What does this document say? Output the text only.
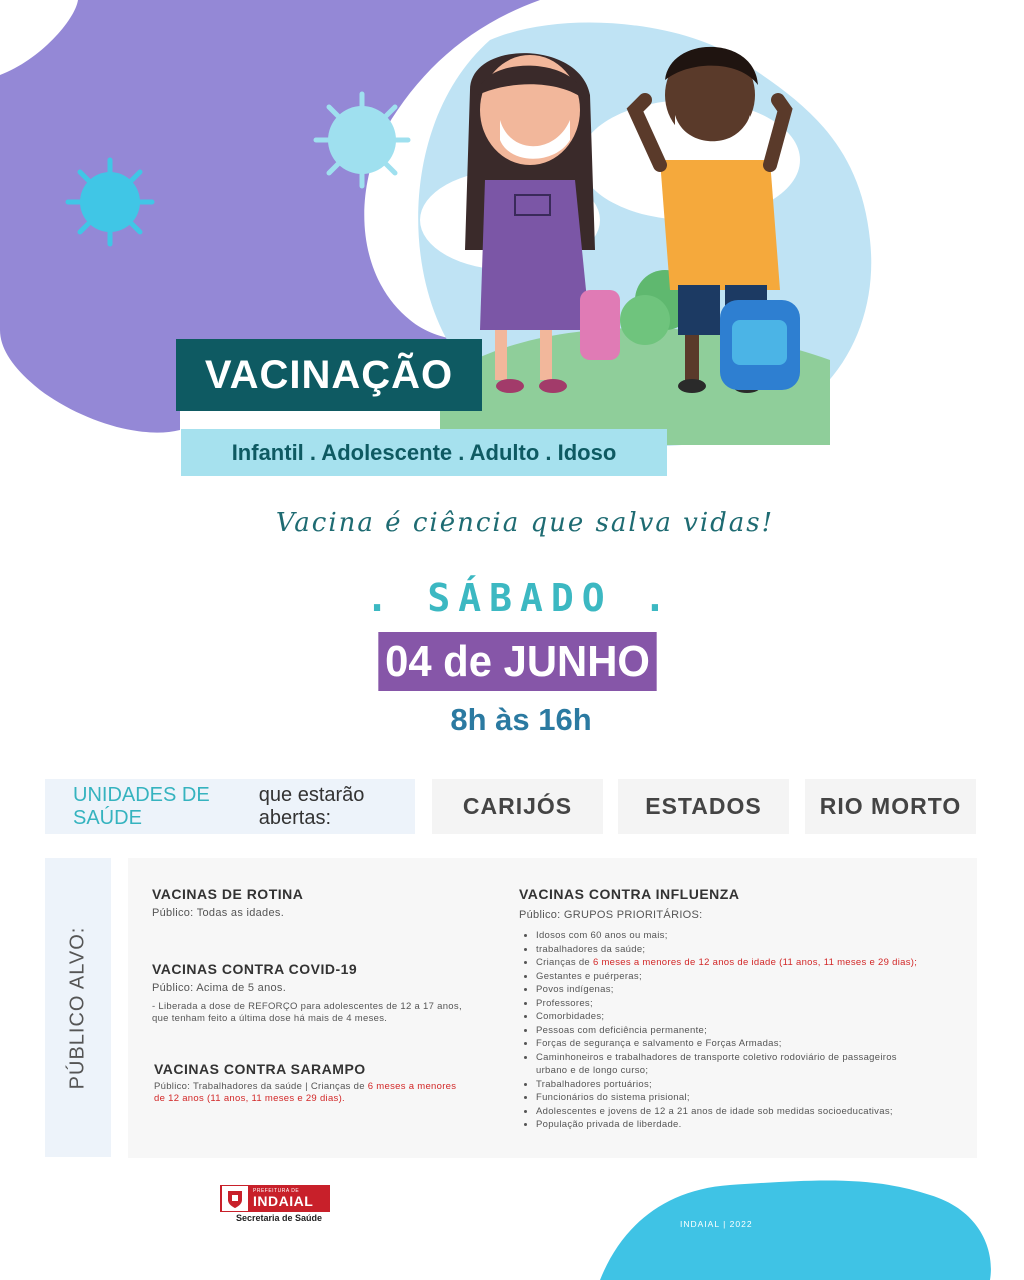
VACINAÇÃO
Infantil . Adolescente . Adulto . Idoso
Vacina é ciência que salva vidas!
. SÁBADO .
04 de JUNHO
8h às 16h
UNIDADES DE SAÚDE
que estarão abertas:	CARIJÓS	ESTADOS	RIO MORTO
PÚBLICO ALVO:
VACINAS DE ROTINA
Público: Todas as idades.
VACINAS CONTRA COVID-19
Público: Acima de 5 anos.
- Liberada a dose de REFORÇO para adolescentes de 12 a 17 anos,
que tenham feito a última dose há mais de 4 meses.
VACINAS CONTRA SARAMPO
Público: Trabalhadores da saúde | Crianças de 6 meses a menores
de 12 anos (11 anos, 11 meses e 29 dias).
VACINAS CONTRA INFLUENZA
Público: GRUPOS PRIORITÁRIOS:
• Idosos com 60 anos ou mais;
• trabalhadores da saúde;
• Crianças de 6 meses a menores de 12 anos de idade (11 anos, 11 meses e 29 dias);
• Gestantes e puérperas;
• Povos indígenas;
• Professores;
• Comorbidades;
• Pessoas com deficiência permanente;
• Forças de segurança e salvamento e Forças Armadas;
• Caminhoneiros e trabalhadores de transporte coletivo rodoviário de passageiros
urbano e de longo curso;
• Trabalhadores portuários;
• Funcionários do sistema prisional;
• Adolescentes e jovens de 12 a 21 anos de idade sob medidas socioeducativas;
• População privada de liberdade.
PREFEITURA DE
INDAIAL
Secretaria de Saúde
INDAIAL | 2022
